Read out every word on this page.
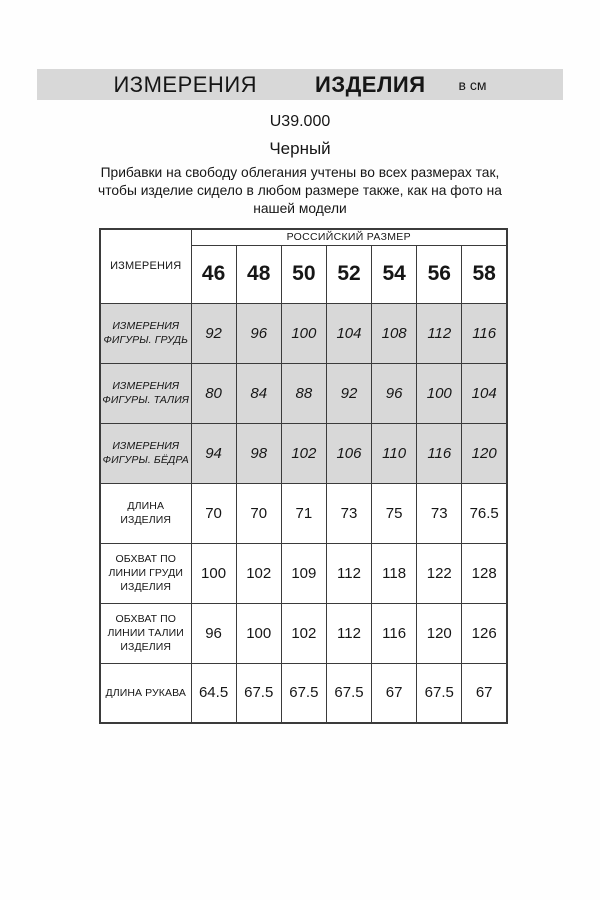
ИЗМЕРЕНИЯ	ИЗДЕЛИЯ в см
U39.000
Черный
Прибавки на свободу облегания учтены во всех размерах так, чтобы изделие сидело в любом размере также, как на фото на нашей модели
ИЗМЕРЕНИЯ	РОССИЙСКИЙ РАЗМЕР						
	46	48	50	52	54	56	58
ИЗМЕРЕНИЯ ФИГУРЫ. ГРУДЬ	92	96	100	104	108	112	116
ИЗМЕРЕНИЯ ФИГУРЫ. ТАЛИЯ	80	84	88	92	96	100	104
ИЗМЕРЕНИЯ ФИГУРЫ. БЁДРА	94	98	102	106	110	116	120
ДЛИНА ИЗДЕЛИЯ	70	70	71	73	75	73	76.5
ОБХВАТ ПО ЛИНИИ ГРУДИ ИЗДЕЛИЯ	100	102	109	112	118	122	128
ОБХВАТ ПО ЛИНИИ ТАЛИИ ИЗДЕЛИЯ	96	100	102	112	116	120	126
ДЛИНА РУКАВА	64.5	67.5	67.5	67.5	67	67.5	67
